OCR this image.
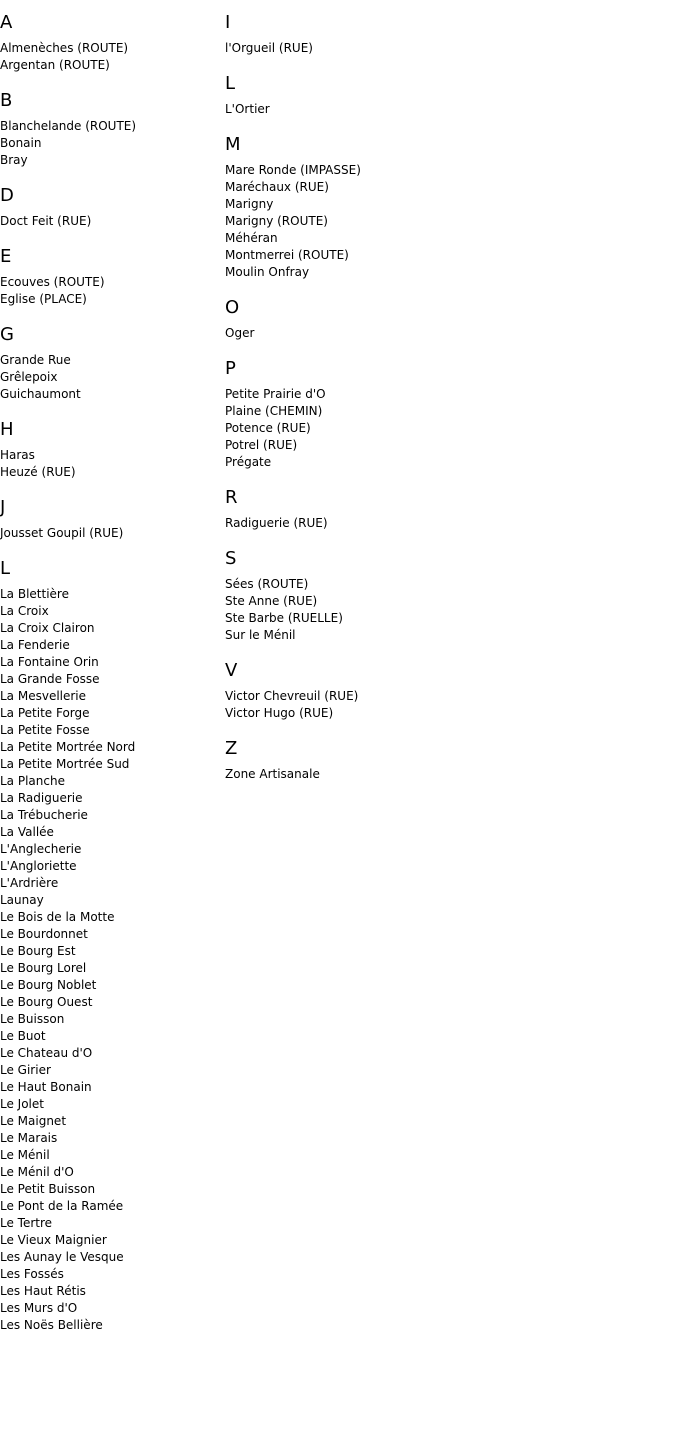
A
Almenèches (ROUTE)
Argentan (ROUTE)
B
Blanchelande (ROUTE)
Bonain
Bray
D
Doct Feit (RUE)
E
Ecouves (ROUTE)
Eglise (PLACE)
G
Grande Rue
Grêlepoix
Guichaumont
H
Haras
Heuzé (RUE)
J
Jousset Goupil (RUE)
L
La Blettière
La Croix
La Croix Clairon
La Fenderie
La Fontaine Orin
La Grande Fosse
La Mesvellerie
La Petite Forge
La Petite Fosse
La Petite Mortrée Nord
La Petite Mortrée Sud
La Planche
La Radiguerie
La Trébucherie
La Vallée
L'Anglecherie
L'Angloriette
L'Ardrière
Launay
Le Bois de la Motte
Le Bourdonnet
Le Bourg Est
Le Bourg Lorel
Le Bourg Noblet
Le Bourg Ouest
Le Buisson
Le Buot
Le Chateau d'O
Le Girier
Le Haut Bonain
Le Jolet
Le Maignet
Le Marais
Le Ménil
Le Ménil d'O
Le Petit Buisson
Le Pont de la Ramée
Le Tertre
Le Vieux Maignier
Les Aunay le Vesque
Les Fossés
Les Haut Rétis
Les Murs d'O
Les Noës Bellière
I
l'Orgueil (RUE)
L
L'Ortier
M
Mare Ronde (IMPASSE)
Maréchaux (RUE)
Marigny
Marigny (ROUTE)
Méhéran
Montmerrei (ROUTE)
Moulin Onfray
O
Oger
P
Petite Prairie d'O
Plaine (CHEMIN)
Potence (RUE)
Potrel (RUE)
Prégate
R
Radiguerie (RUE)
S
Sées (ROUTE)
Ste Anne (RUE)
Ste Barbe (RUELLE)
Sur le Ménil
V
Victor Chevreuil (RUE)
Victor Hugo (RUE)
Z
Zone Artisanale
